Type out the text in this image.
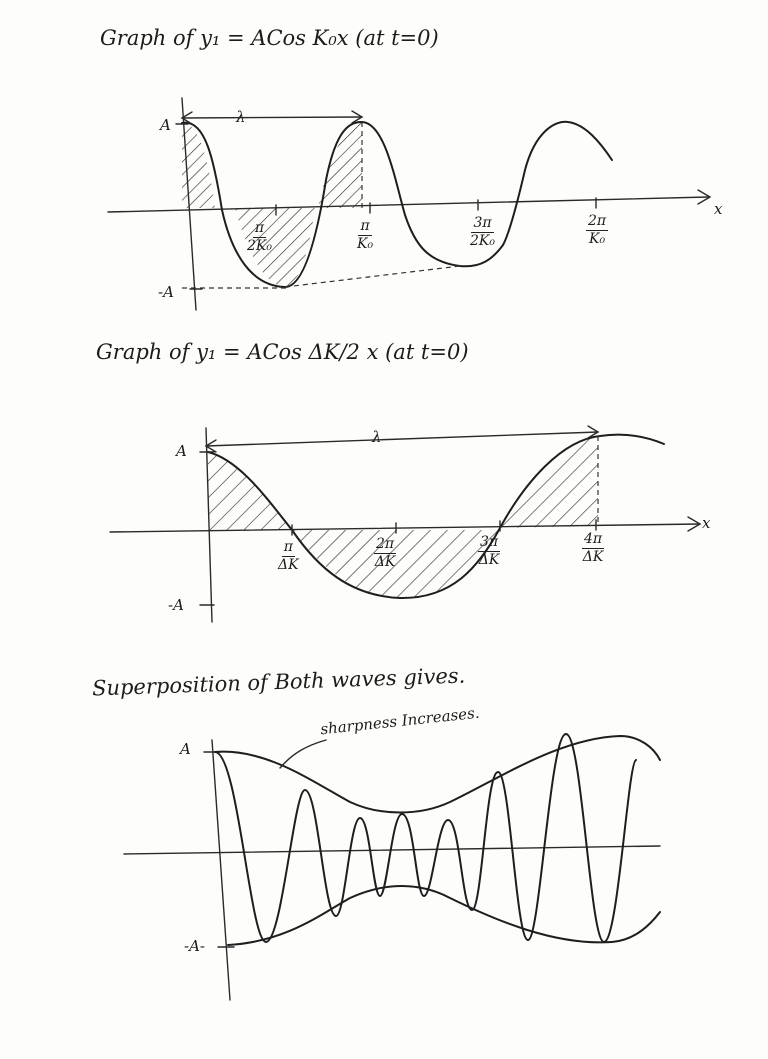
Graph of y₁ = ACos K₀x (at t=0)
A
-A
λ
x
$\frac{\pi}{\text{2K₀}}$	$\frac{\pi}{\text{K₀}}$	$\frac{3\pi}{\text{2K₀}}$	$\frac{2\pi}{\text{K₀}}$
Graph of y₁ = ACos ΔK/2 x (at t=0)
A
-A
λ
x
$\frac{\pi}{\Delta K}$	$\frac{2\pi}{\Delta K}$	$\frac{3\pi}{\Delta K}$	$\frac{4\pi}{\Delta K}$
Superposition of Both waves gives.
sharpness Increases.
A
-A-
